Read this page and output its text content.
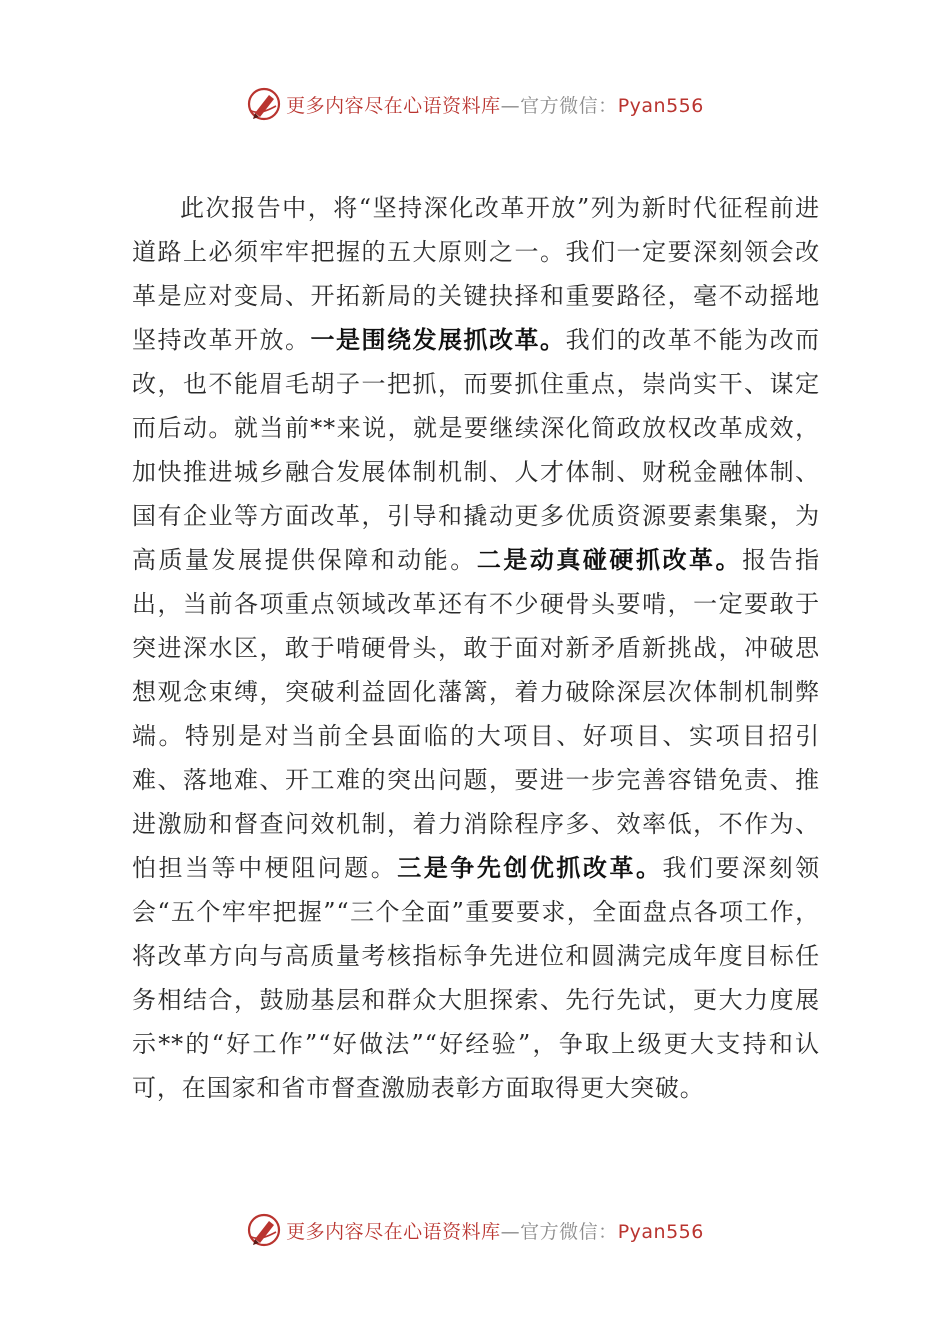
更多内容尽在心语资料库—官方微信：Pyan556

此次报告中，将“坚持深化改革开放”列为新时代征程前进道路上必须牢牢把握的五大原则之一。我们一定要深刻领会改革是应对变局、开拓新局的关键抉择和重要路径，毫不动摇地坚持改革开放。一是围绕发展抓改革。我们的改革不能为改而改，也不能眉毛胡子一把抓，而要抓住重点，崇尚实干、谋定而后动。就当前**来说，就是要继续深化简政放权改革成效，加快推进城乡融合发展体制机制、人才体制、财税金融体制、国有企业等方面改革，引导和撬动更多优质资源要素集聚，为高质量发展提供保障和动能。二是动真碰硬抓改革。报告指出，当前各项重点领域改革还有不少硬骨头要啃，一定要敢于突进深水区，敢于啃硬骨头，敢于面对新矛盾新挑战，冲破思想观念束缚，突破利益固化藩篱，着力破除深层次体制机制弊端。特别是对当前全县面临的大项目、好项目、实项目招引难、落地难、开工难的突出问题，要进一步完善容错免责、推进激励和督查问效机制，着力消除程序多、效率低，不作为、怕担当等中梗阻问题。三是争先创优抓改革。我们要深刻领会“五个牢牢把握”“三个全面”重要要求，全面盘点各项工作，将改革方向与高质量考核指标争先进位和圆满完成年度目标任务相结合，鼓励基层和群众大胆探索、先行先试，更大力度展示**的“好工作”“好做法”“好经验”，争取上级更大支持和认可，在国家和省市督查激励表彰方面取得更大突破。

更多内容尽在心语资料库—官方微信：Pyan556
